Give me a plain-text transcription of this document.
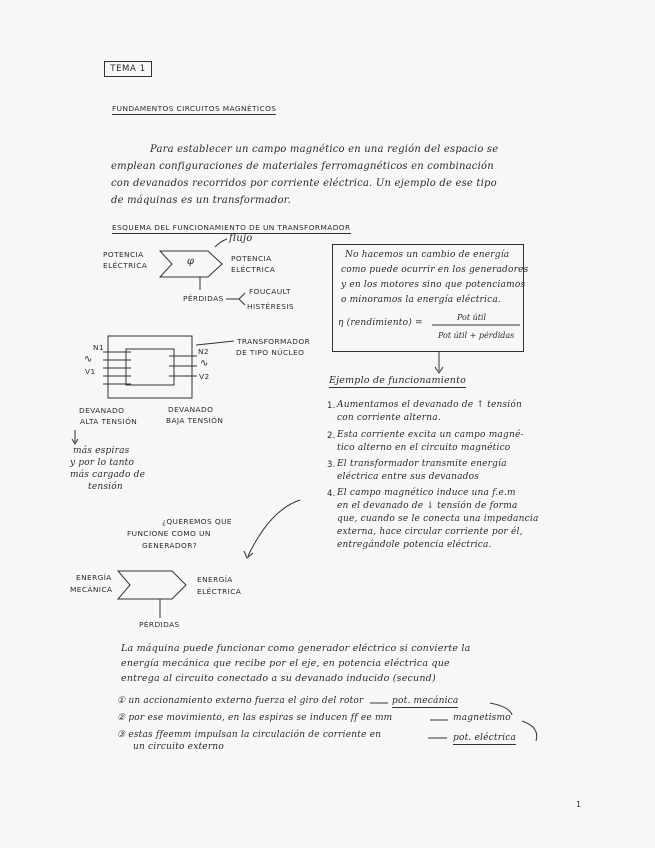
TEMA 1
FUNDAMENTOS CIRCUITOS MAGNÉTICOS
Para establecer un campo magnético en una región del espacio se
emplean configuraciones de materiales ferromagnéticos en combinación
con devanados recorridos por corriente eléctrica. Un ejemplo de ese tipo
de máquinas es un transformador.
ESQUEMA DEL FUNCIONAMIENTO DE UN TRANSFORMADOR
POTENCIA
ELÉCTRICA	φ
flujo
POTENCIA
ELÉCTRICA
PÉRDIDAS
FOUCAULT
HISTÉRESIS
N1
∿
V1
N2
∿
V2
TRANSFORMADOR
DE TIPO NÚCLEO
DEVANADO
ALTA TENSIÓN
DEVANADO
BAJA TENSIÓN
más espiras
y por lo tanto
más cargado de
tensión
No hacemos un cambio de energía
como puede ocurrir en los generadores
y en los motores sino que potenciamos
o minoramos la energía eléctrica.
η (rendimiento) =
Pot útil
Pot útil + pérdidas
Ejemplo de funcionamiento
1. Aumentamos el devanado de ↑ tensión
con corriente alterna.
2. Esta corriente excita un campo magné-
tico alterno en el circuito magnético
3. El transformador transmite energía
eléctrica entre sus devanados
4. El campo magnético induce una f.e.m
en el devanado de ↓ tensión de forma
que, cuando se le conecta una impedancia
externa, hace circular corriente por él,
entregándole potencia eléctrica.
¿QUEREMOS QUE
FUNCIONE COMO UN
GENERADOR?
ENERGÍA
MECÁNICA
ENERGÍA
ELÉCTRICA
PÉRDIDAS
La máquina puede funcionar como generador eléctrico si convierte la
energía mecánica que recibe por el eje, en potencia eléctrica que
entrega al circuito conectado a su devanado inducido (secund)
① un accionamiento externo fuerza el giro del rotor	pot. mecánica
② por ese movimiento, en las espiras se inducen ff ee mm	magnetismo
③ estas ffeemm impulsan la circulación de corriente en	pot. eléctrica
un circuito externo
1
